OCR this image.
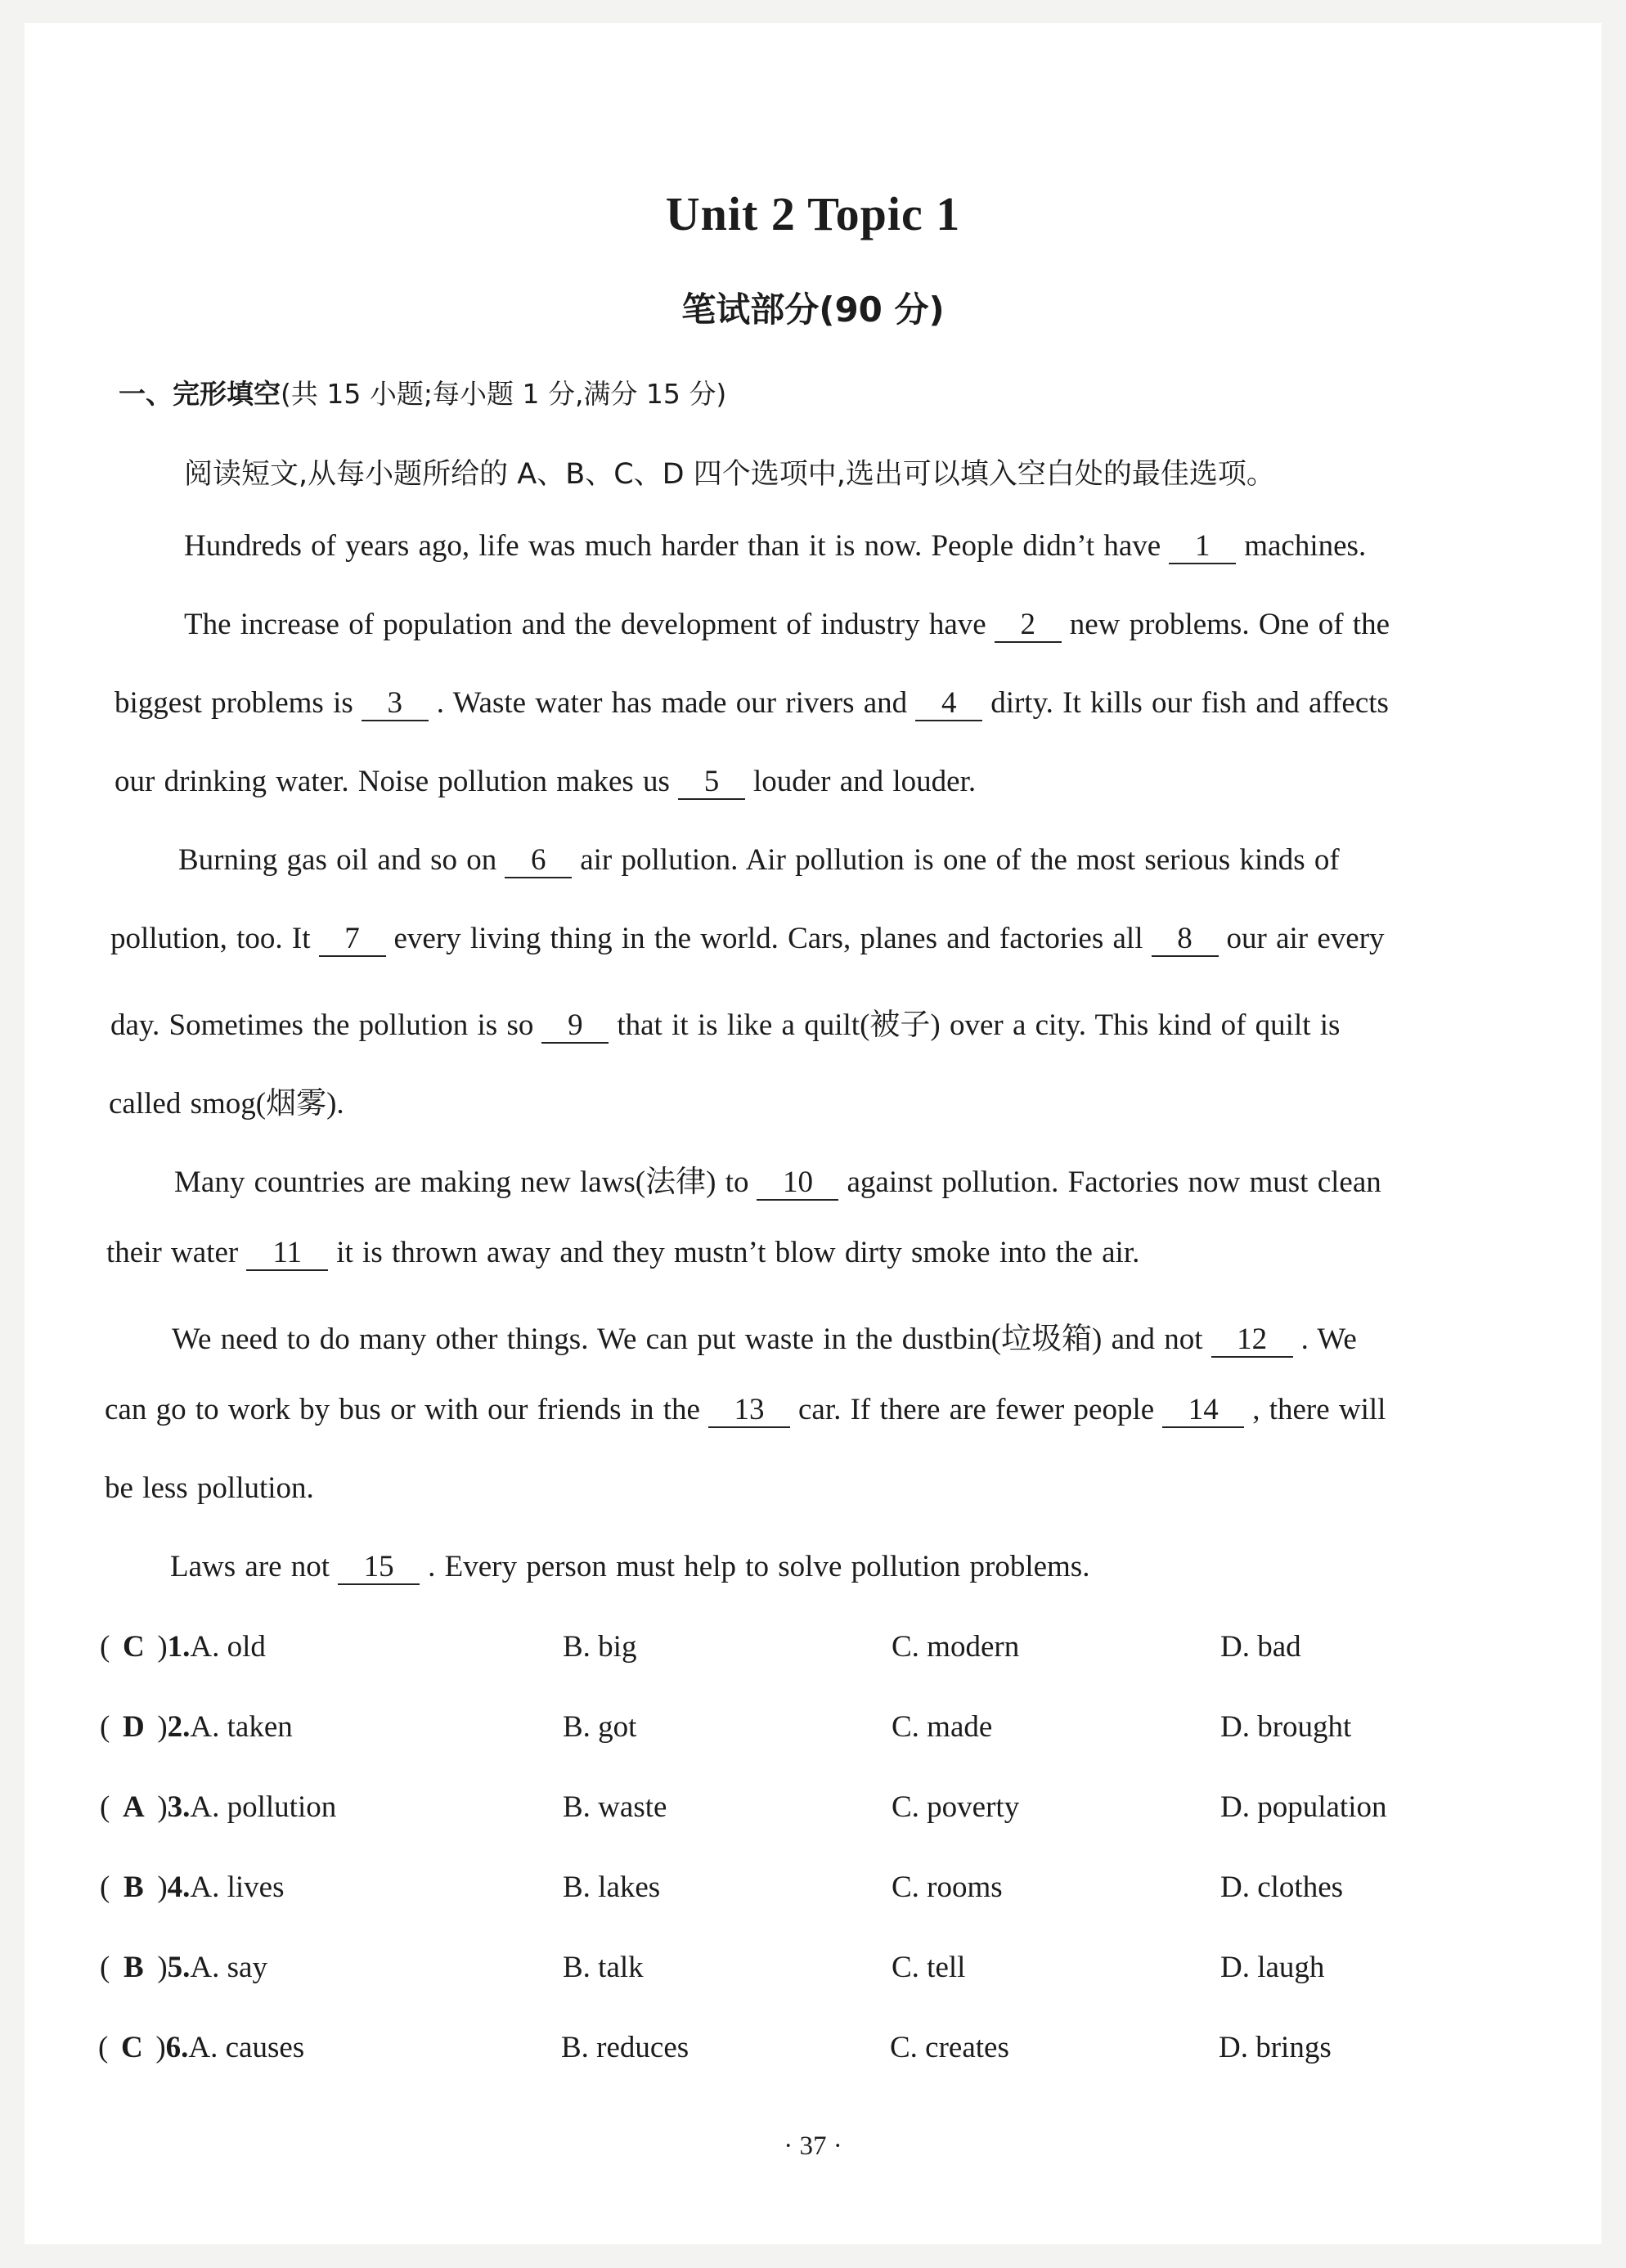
Unit 2 Topic 1
笔试部分(90 分)
一、完形填空(共 15 小题;每小题 1 分,满分 15 分)
阅读短文,从每小题所给的 A、B、C、D 四个选项中,选出可以填入空白处的最佳选项。
Hundreds of years ago, life was much harder than it is now. People didn’t have 1 machines.
The increase of population and the development of industry have 2 new problems. One of the
biggest problems is 3 . Waste water has made our rivers and 4 dirty. It kills our fish and affects
our drinking water. Noise pollution makes us 5 louder and louder.
Burning gas oil and so on 6 air pollution. Air pollution is one of the most serious kinds of
pollution, too. It 7 every living thing in the world. Cars, planes and factories all 8 our air every
day. Sometimes the pollution is so 9 that it is like a quilt(被子) over a city. This kind of quilt is
called smog(烟雾).
Many countries are making new laws(法律) to 10 against pollution. Factories now must clean
their water 11 it is thrown away and they mustn’t blow dirty smoke into the air.
We need to do many other things. We can put waste in the dustbin(垃圾箱) and not 12 . We
can go to work by bus or with our friends in the 13 car. If there are fewer people 14 , there will
be less pollution.
Laws are not 15 . Every person must help to solve pollution problems.
( C )1.A. old	B. big	C. modern	D. bad
( D )2.A. taken	B. got	C. made	D. brought
( A )3.A. pollution	B. waste	C. poverty	D. population
( B )4.A. lives	B. lakes	C. rooms	D. clothes
( B )5.A. say	B. talk	C. tell	D. laugh
( C )6.A. causes	B. reduces	C. creates	D. brings
· 37 ·
